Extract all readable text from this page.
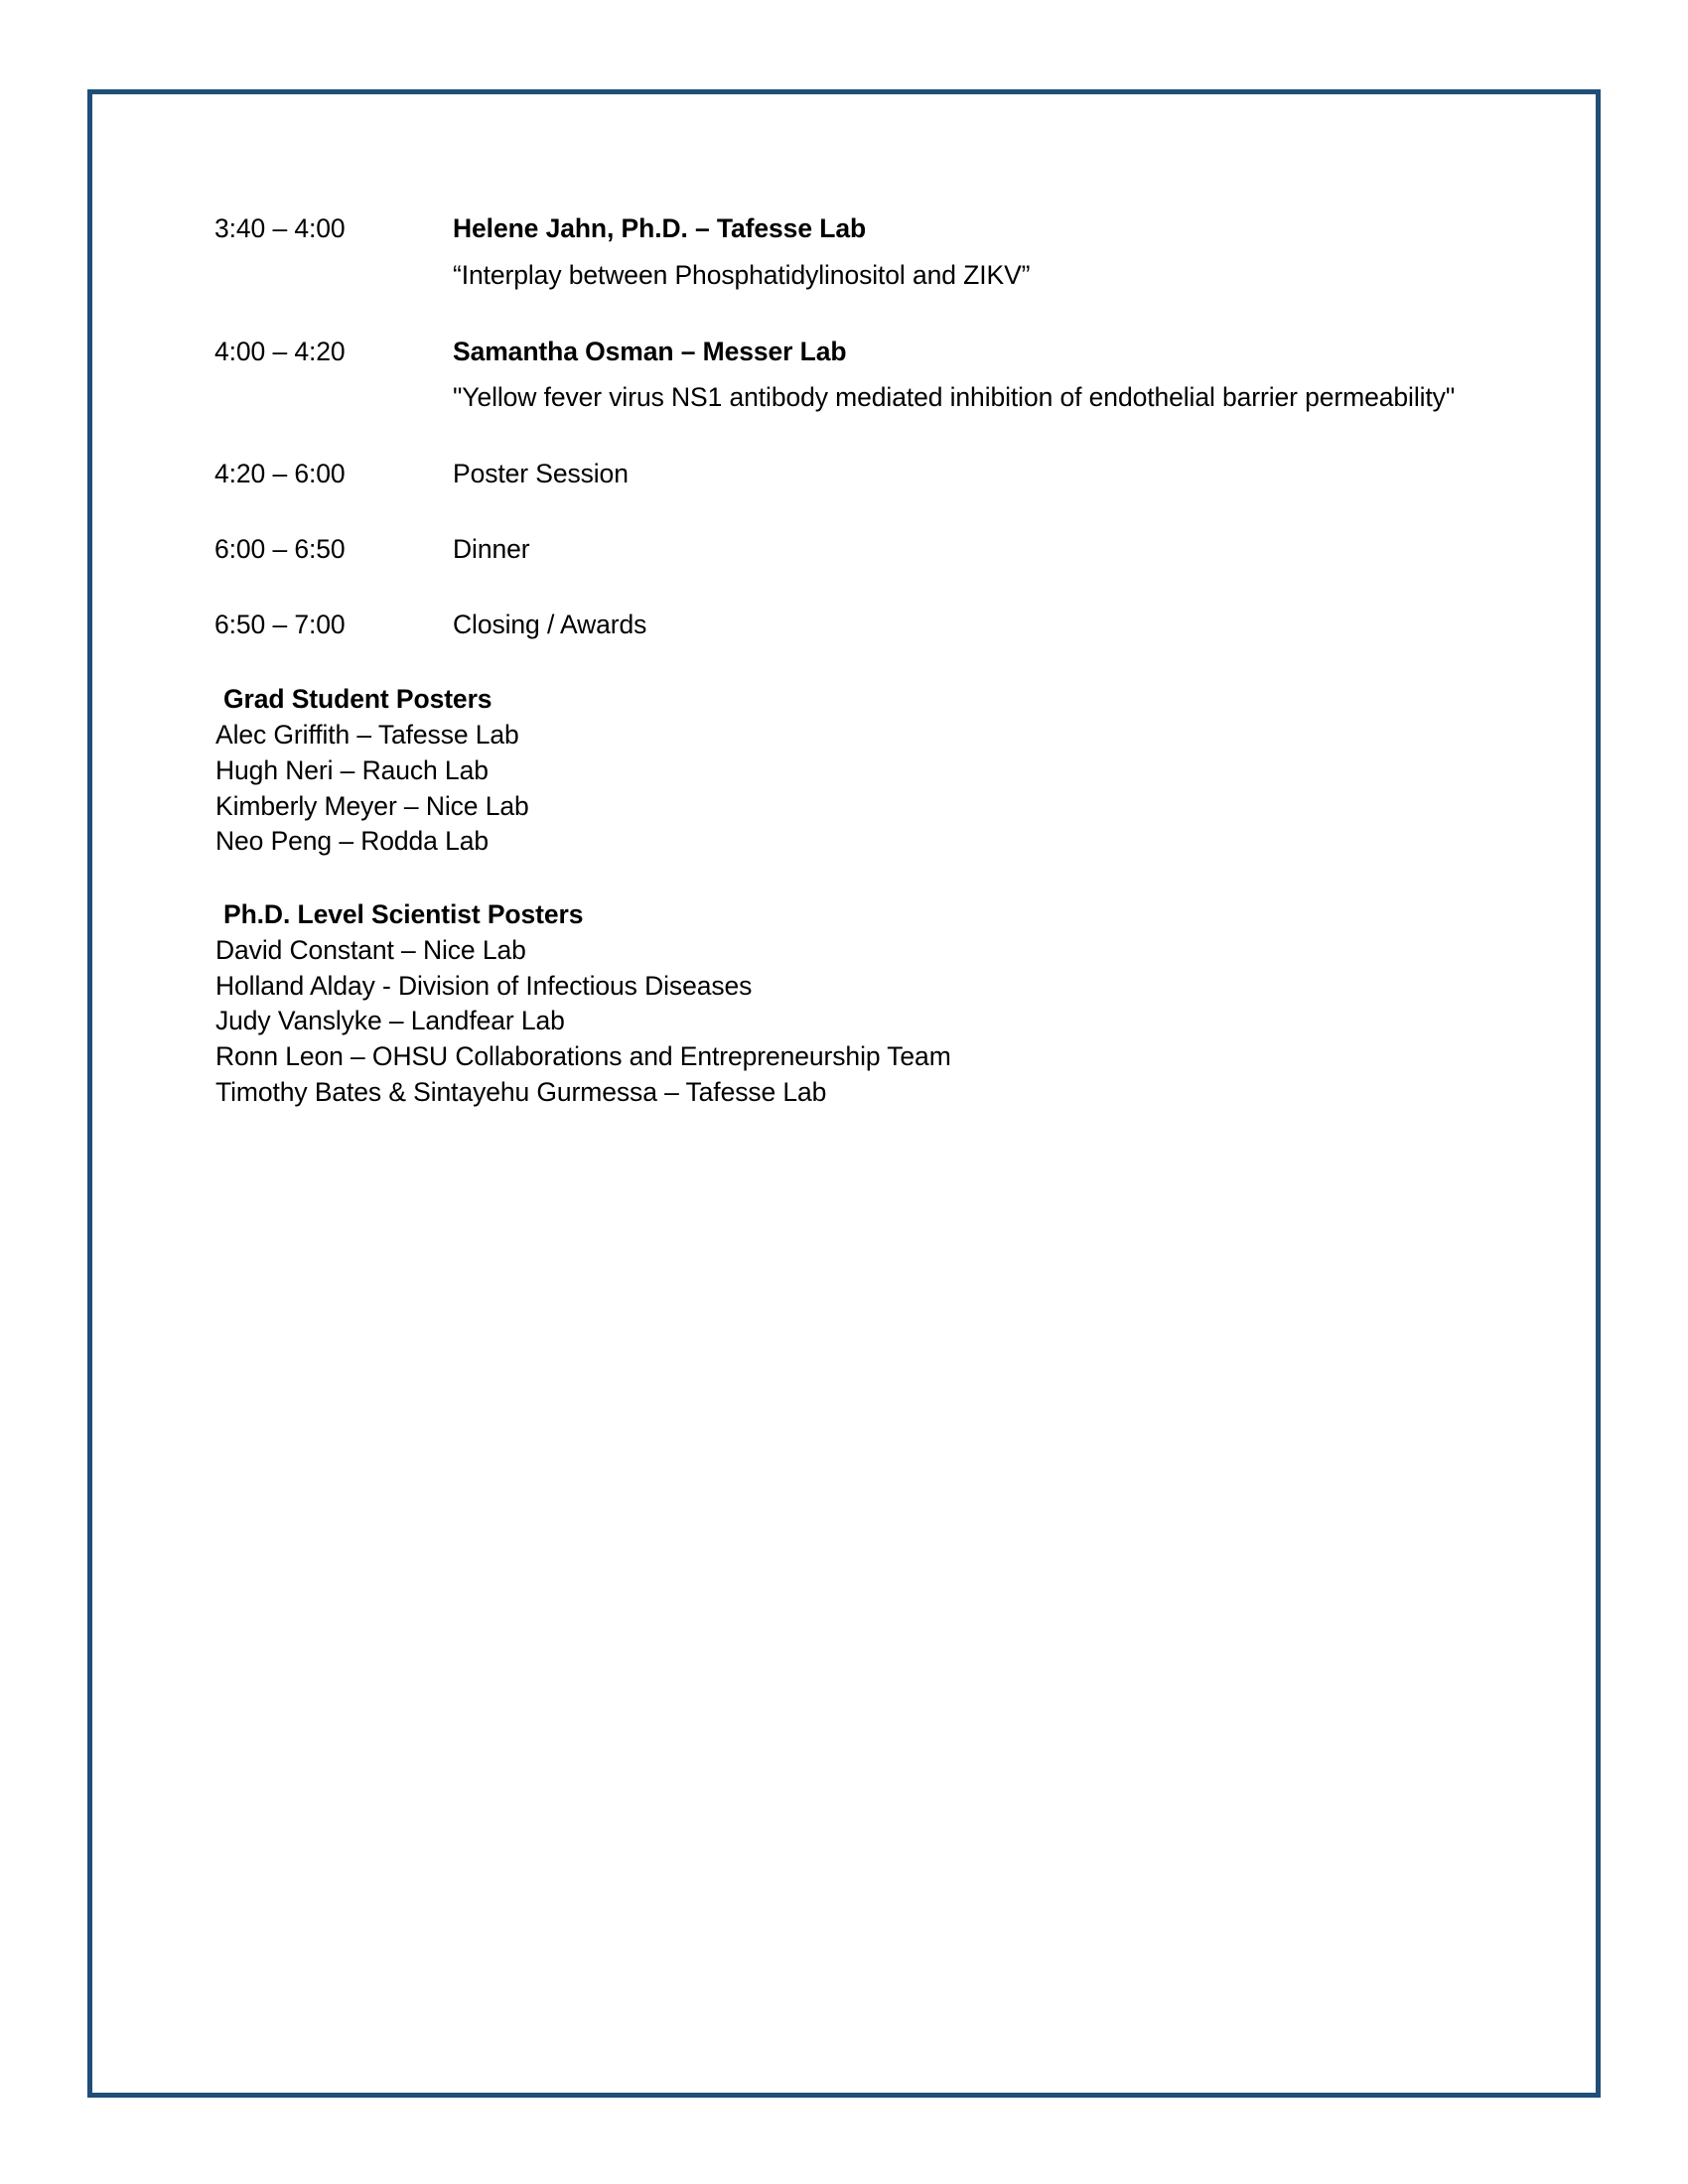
3:40 – 4:00	Helene Jahn, Ph.D. – Tafesse Lab
“Interplay between Phosphatidylinositol and ZIKV”
4:00 – 4:20	Samantha Osman – Messer Lab
"Yellow fever virus NS1 antibody mediated inhibition of endothelial barrier permeability"
4:20 – 6:00	Poster Session
6:00 – 6:50	Dinner
6:50 – 7:00	Closing / Awards
Grad Student Posters
Alec Griffith – Tafesse Lab
Hugh Neri – Rauch Lab
Kimberly Meyer – Nice Lab
Neo Peng – Rodda Lab
Ph.D. Level Scientist Posters
David Constant – Nice Lab
Holland Alday - Division of Infectious Diseases
Judy Vanslyke – Landfear Lab
Ronn Leon – OHSU Collaborations and Entrepreneurship Team
Timothy Bates & Sintayehu Gurmessa – Tafesse Lab
